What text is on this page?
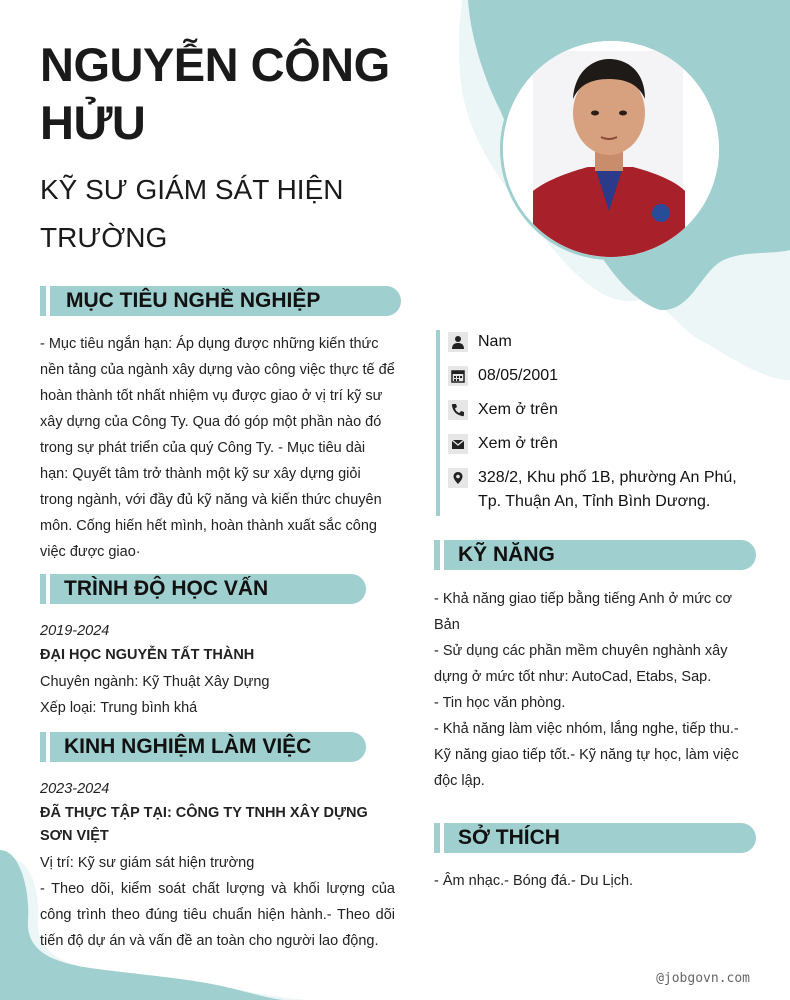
NGUYỄN CÔNG HỬU
KỸ SƯ GIÁM SÁT HIỆN TRƯỜNG
MỤC TIÊU NGHỀ NGHIỆP

- Mục tiêu ngắn hạn: Áp dụng được những kiến thức nền tảng của ngành xây dựng vào công việc thực tế để hoàn thành tốt nhất nhiệm vụ được giao ở vị trí kỹ sư xây dựng của Công Ty. Qua đó góp một phần nào đó trong sự phát triển của quý Công Ty. - Mục tiêu dài hạn: Quyết tâm trở thành một kỹ sư xây dựng giỏi trong ngành, với đầy đủ kỹ năng và kiến thức chuyên môn. Cống hiến hết mình, hoàn thành xuất sắc công việc được giao·

TRÌNH ĐỘ HỌC VẤN
2019-2024
ĐẠI HỌC NGUYỄN TẤT THÀNH
Chuyên ngành: Kỹ Thuật Xây Dựng
Xếp loại: Trung bình khá
KINH NGHIỆM LÀM VIỆC
2023-2024
ĐÃ THỰC TẬP TẠI: CÔNG TY TNHH XÂY DỰNG SƠN VIỆT
Vị trí: Kỹ sư giám sát hiện trường
- Theo dõi, kiểm soát chất lượng và khối lượng của công trình theo đúng tiêu chuẩn hiện hành.- Theo dõi tiến độ dự án và vấn đề an toàn cho người lao động.
Nam
08/05/2001
Xem ở trên
Xem ở trên
328/2, Khu phố 1B, phường An Phú, Tp. Thuận An, Tỉnh Bình Dương.
KỸ NĂNG
- Khả năng giao tiếp bằng tiếng Anh ở mức cơ Bản
- Sử dụng các phần mềm chuyên nghành xây dựng ở mức tốt như: AutoCad, Etabs, Sap.
- Tin học văn phòng.
- Khả năng làm việc nhóm, lắng nghe, tiếp thu.- Kỹ năng giao tiếp tốt.- Kỹ năng tự học, làm việc độc lập.
SỞ THÍCH

- Âm nhạc.- Bóng đá.- Du Lịch.

@jobgovn.com
